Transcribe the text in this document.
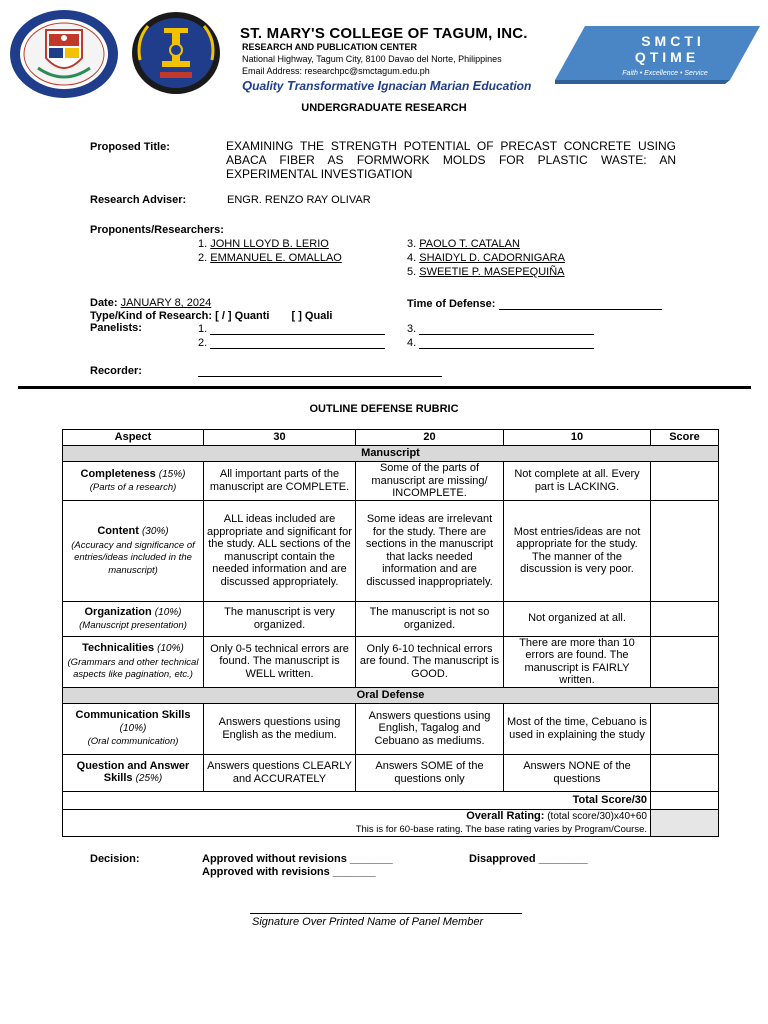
ST. MARY'S COLLEGE OF TAGUM, INC.
RESEARCH AND PUBLICATION CENTER
National Highway, Tagum City, 8100 Davao del Norte, Philippines
Email Address: researchpc@smctagum.edu.ph
Quality Transformative Ignacian Marian Education
SMCTI
QTIME
Faith • Excellence • Service
UNDERGRADUATE RESEARCH
Proposed Title:	EXAMINING THE STRENGTH POTENTIAL OF PRECAST CONCRETE USING ABACA FIBER AS FORMWORK MOLDS FOR PLASTIC WASTE: AN EXPERIMENTAL INVESTIGATION
Research Adviser:	ENGR. RENZO RAY OLIVAR
Proponents/Researchers:
1. JOHN LLOYD B. LERIO
2. EMMANUEL E. OMALLAO
3. PAOLO T. CATALAN
4. SHAIDYL D. CADORNIGARA
5. SWEETIE P. MASEPEQUIÑA
Date: JANUARY 8, 2024	Time of Defense:
Type/Kind of Research: [ / ] Quanti [ ] Quali
Panelists:	1.
2.
3.
4.
Recorder:
OUTLINE DEFENSE RUBRIC
Aspect	30	20	10	Score
Manuscript				
Completeness (15%)
(Parts of a research)	All important parts of the manuscript are COMPLETE.	Some of the parts of manuscript are missing/ INCOMPLETE.	Not complete at all. Every part is LACKING.	
Content (30%)
(Accuracy and significance of entries/ideas included in the manuscript)	ALL ideas included are appropriate and significant for the study. ALL sections of the manuscript contain the needed information and are discussed appropriately.	Some ideas are irrelevant for the study. There are sections in the manuscript that lacks needed information and are discussed inappropriately.	Most entries/ideas are not appropriate for the study. The manner of the discussion is very poor.	
Organization (10%)
(Manuscript presentation)	The manuscript is very organized.	The manuscript is not so organized.	Not organized at all.	
Technicalities (10%)
(Grammars and other technical aspects like pagination, etc.)	Only 0-5 technical errors are found. The manuscript is WELL written.	Only 6-10 technical errors are found. The manuscript is GOOD.	There are more than 10 errors are found. The manuscript is FAIRLY written.	
Oral Defense				
Communication Skills (10%)
(Oral communication)	Answers questions using English as the medium.	Answers questions using English, Tagalog and Cebuano as mediums.	Most of the time, Cebuano is used in explaining the study	
Question and Answer Skills (25%)	Answers questions CLEARLY and ACCURATELY	Answers SOME of the questions only	Answers NONE of the questions	
Total Score/30				
Overall Rating: (total score/30)x40+60
This is for 60-base rating. The base rating varies by Program/Course.				
Decision:	Approved without revisions _______
Approved with revisions _______
Disapproved ________
Signature Over Printed Name of Panel Member
